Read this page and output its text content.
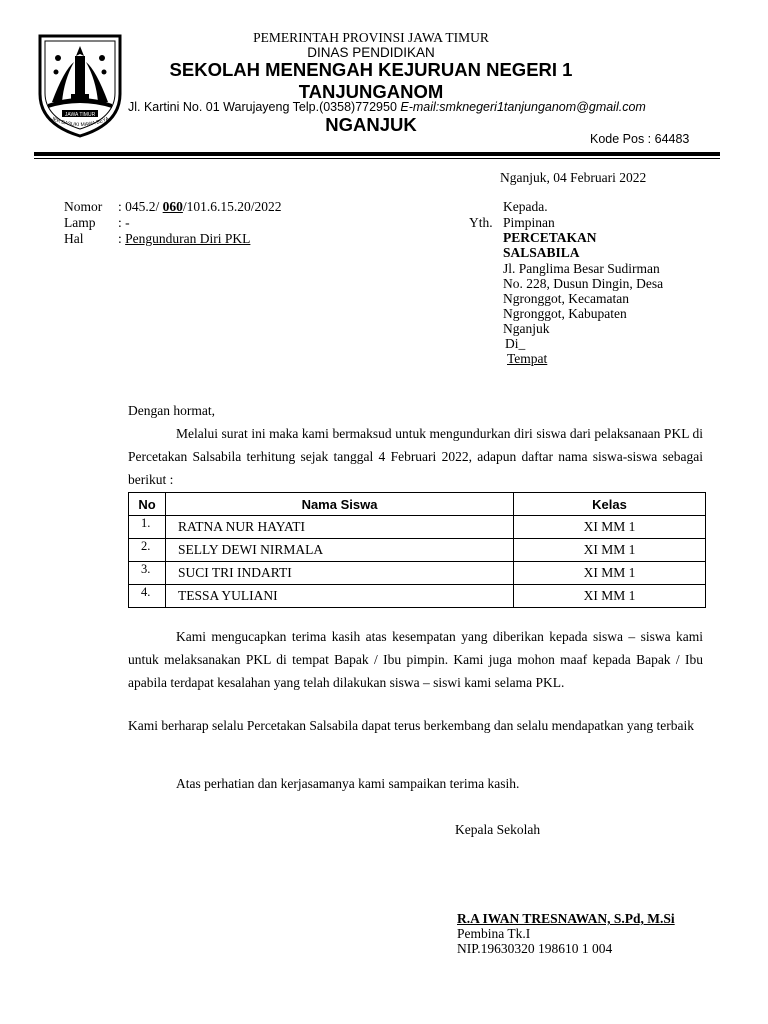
JAWA TIMUR
JER BASUKI MAWA BEYA
PEMERINTAH PROVINSI JAWA TIMUR
DINAS PENDIDIKAN
SEKOLAH MENENGAH KEJURUAN NEGERI 1
TANJUNGANOM
Jl. Kartini No. 01 Warujayeng Telp.(0358)772950 E-mail:smknegeri1tanjunganom@gmail.com
NGANJUK
Kode Pos : 64483
Nganjuk, 04 Februari 2022
Nomor : 045.2/ 060/101.6.15.20/2022
Lamp : -
Hal	: Pengunduran Diri PKL
Kepada.
Yth. Pimpinan
PERCETAKAN
SALSABILA
Jl. Panglima Besar Sudirman
No. 228, Dusun Dingin, Desa
Ngronggot, Kecamatan
Ngronggot, Kabupaten
Nganjuk
Di_
Tempat
Dengan hormat,
Melalui surat ini maka kami bermaksud untuk mengundurkan diri siswa dari pelaksanaan PKL di Percetakan Salsabila terhitung sejak tanggal 4 Februari 2022, adapun daftar nama siswa-siswa sebagai berikut :
No	Nama Siswa	Kelas
1.	RATNA NUR HAYATI	XI MM 1
2.	SELLY DEWI NIRMALA	XI MM 1
3.	SUCI TRI INDARTI	XI MM 1
4.	TESSA YULIANI	XI MM 1
Kami mengucapkan terima kasih atas kesempatan yang diberikan kepada siswa – siswa kami untuk melaksanakan PKL di tempat Bapak / Ibu pimpin. Kami juga mohon maaf kepada Bapak / Ibu apabila terdapat kesalahan yang telah dilakukan siswa – siswi kami selama PKL.
Kami berharap selalu Percetakan Salsabila dapat terus berkembang dan selalu mendapatkan yang terbaik
Atas perhatian dan kerjasamanya kami sampaikan terima kasih.
Kepala Sekolah
R.A IWAN TRESNAWAN, S.Pd, M.Si
Pembina Tk.I
NIP.19630320 198610 1 004
